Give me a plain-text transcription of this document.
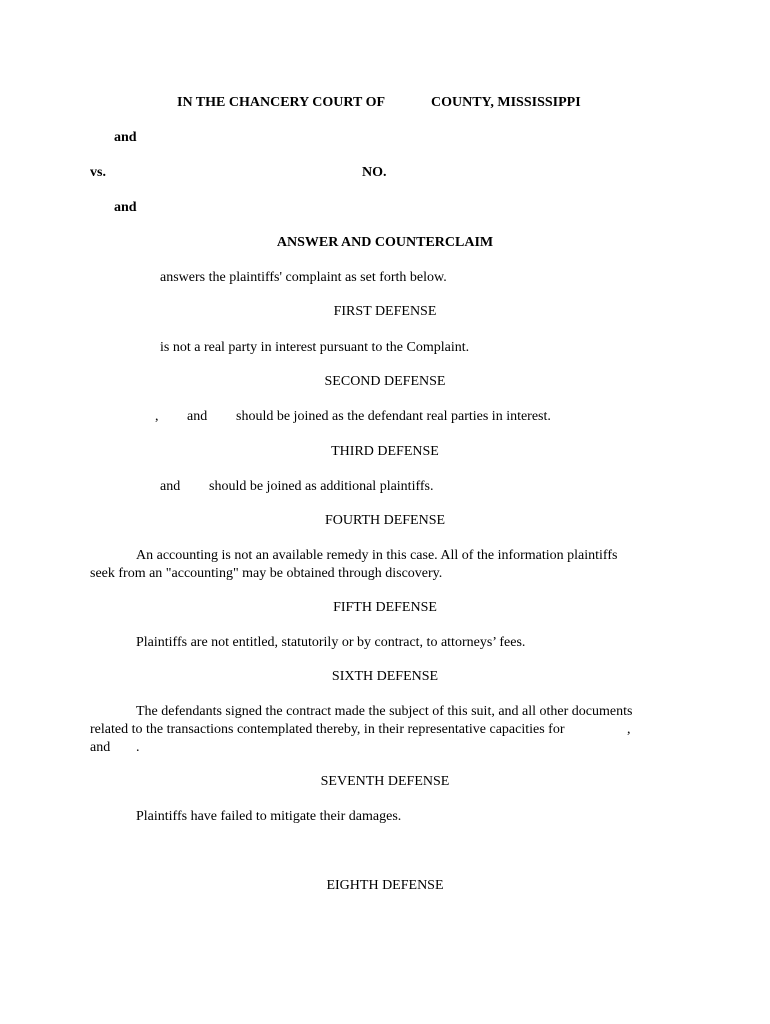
IN THE CHANCERY COURT OF	COUNTY, MISSISSIPPI
and
vs.	NO.
and
ANSWER AND COUNTERCLAIM
answers the plaintiffs' complaint as set forth below.
FIRST DEFENSE
is not a real party in interest pursuant to the Complaint.
SECOND DEFENSE
, and should be joined as the defendant real parties in interest.
THIRD DEFENSE
and should be joined as additional plaintiffs.
FOURTH DEFENSE
An accounting is not an available remedy in this case. All of the information plaintiffs
seek from an "accounting" may be obtained through discovery.
FIFTH DEFENSE
Plaintiffs are not entitled, statutorily or by contract, to attorneys’ fees.
SIXTH DEFENSE
The defendants signed the contract made the subject of this suit, and all other documents
related to the transactions contemplated thereby, in their representative capacities for	,
and .
SEVENTH DEFENSE
Plaintiffs have failed to mitigate their damages.
EIGHTH DEFENSE
